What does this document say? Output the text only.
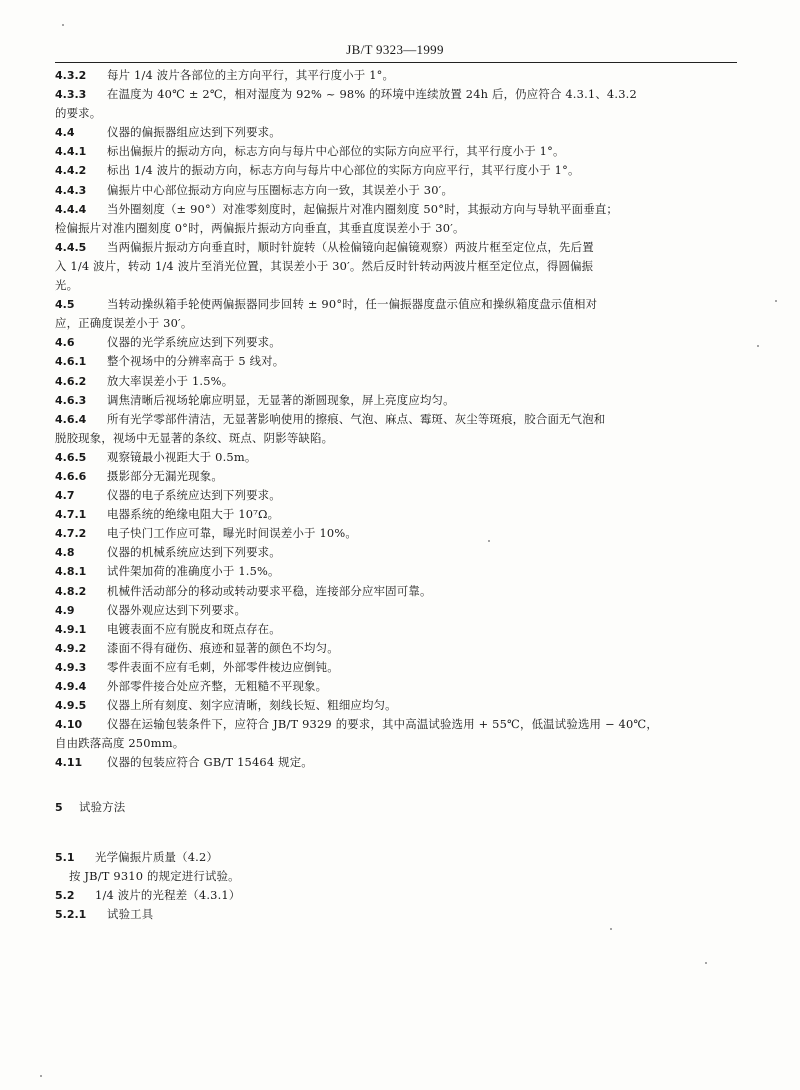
JB/T 9323—1999
4.3.2	每片 1/4 波片各部位的主方向平行，其平行度小于 1°。
4.3.3	在温度为 40℃ ± 2℃，相对湿度为 92% ~ 98% 的环境中连续放置 24h 后，仍应符合 4.3.1、4.3.2
的要求。
4.4	仪器的偏振器组应达到下列要求。
4.4.1	标出偏振片的振动方向，标志方向与每片中心部位的实际方向应平行，其平行度小于 1°。
4.4.2	标出 1/4 波片的振动方向，标志方向与每片中心部位的实际方向应平行，其平行度小于 1°。
4.4.3	偏振片中心部位振动方向应与压圈标志方向一致，其误差小于 30′。
4.4.4	当外圈刻度（± 90°）对准零刻度时，起偏振片对准内圈刻度 50°时，其振动方向与导轨平面垂直；
检偏振片对准内圈刻度 0°时，两偏振片振动方向垂直，其垂直度误差小于 30′。
4.4.5	当两偏振片振动方向垂直时，顺时针旋转（从检偏镜向起偏镜观察）两波片框至定位点，先后置
入 1/4 波片，转动 1/4 波片至消光位置，其误差小于 30′。然后反时针转动两波片框至定位点，得圆偏振
光。
4.5	当转动操纵箱手轮使两偏振器同步回转 ± 90°时，任一偏振器度盘示值应和操纵箱度盘示值相对
应，正确度误差小于 30′。
4.6	仪器的光学系统应达到下列要求。
4.6.1	整个视场中的分辨率高于 5 线对。
4.6.2	放大率误差小于 1.5%。
4.6.3	调焦清晰后视场轮廓应明显，无显著的渐圆现象，屏上亮度应均匀。
4.6.4	所有光学零部件清洁，无显著影响使用的擦痕、气泡、麻点、霉斑、灰尘等斑痕，胶合面无气泡和
脱胶现象，视场中无显著的条纹、斑点、阴影等缺陷。
4.6.5	观察镜最小视距大于 0.5m。
4.6.6	摄影部分无漏光现象。
4.7	仪器的电子系统应达到下列要求。
4.7.1	电器系统的绝缘电阻大于 10⁷Ω。
4.7.2	电子快门工作应可靠，曝光时间误差小于 10%。
4.8	仪器的机械系统应达到下列要求。
4.8.1	试件架加荷的准确度小于 1.5%。
4.8.2	机械件活动部分的移动或转动要求平稳，连接部分应牢固可靠。
4.9	仪器外观应达到下列要求。
4.9.1	电镀表面不应有脱皮和斑点存在。
4.9.2	漆面不得有碰伤、痕迹和显著的颜色不均匀。
4.9.3	零件表面不应有毛刺，外部零件棱边应倒钝。
4.9.4	外部零件接合处应齐整，无粗糙不平现象。
4.9.5	仪器上所有刻度、刻字应清晰，刻线长短、粗细应均匀。
4.10	仪器在运输包装条件下，应符合 JB/T 9329 的要求，其中高温试验选用 + 55℃，低温试验选用 − 40℃，
自由跌落高度 250mm。
4.11	仪器的包装应符合 GB/T 15464 规定。
5	试验方法
5.1	光学偏振片质量（4.2）
按 JB/T 9310 的规定进行试验。
5.2	1/4 波片的光程差（4.3.1）
5.2.1	试验工具
